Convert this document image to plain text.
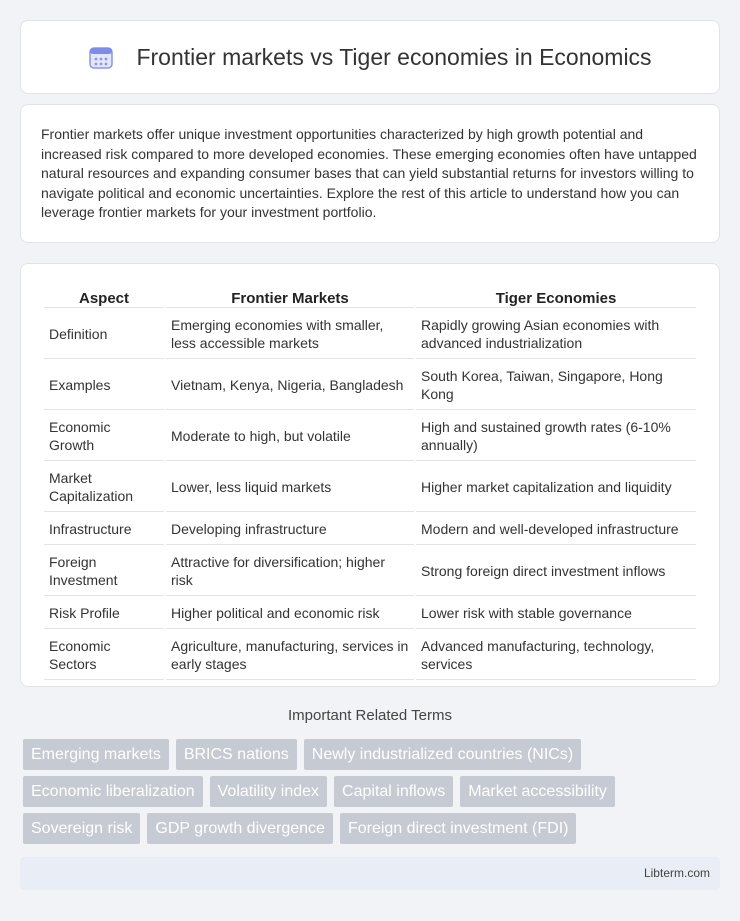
Frontier markets vs Tiger economies in Economics

Frontier markets offer unique investment opportunities characterized by high growth potential and increased risk compared to more developed economies. These emerging economies often have untapped natural resources and expanding consumer bases that can yield substantial returns for investors willing to navigate political and economic uncertainties. Explore the rest of this article to understand how you can leverage frontier markets for your investment portfolio.

Aspect	Frontier Markets	Tiger Economies
Definition	Emerging economies with smaller, less accessible markets	Rapidly growing Asian economies with advanced industrialization
Examples	Vietnam, Kenya, Nigeria, Bangladesh	South Korea, Taiwan, Singapore, Hong Kong
Economic Growth	Moderate to high, but volatile	High and sustained growth rates (6-10% annually)
Market Capitalization	Lower, less liquid markets	Higher market capitalization and liquidity
Infrastructure	Developing infrastructure	Modern and well-developed infrastructure
Foreign Investment	Attractive for diversification; higher risk	Strong foreign direct investment inflows
Risk Profile	Higher political and economic risk	Lower risk with stable governance
Economic Sectors	Agriculture, manufacturing, services in early stages	Advanced manufacturing, technology, services
Important Related Terms
Emerging markets	BRICS nations	Newly industrialized countries (NICs)
Economic liberalization	Volatility index	Capital inflows	Market accessibility
Sovereign risk	GDP growth divergence	Foreign direct investment (FDI)
Libterm.com
